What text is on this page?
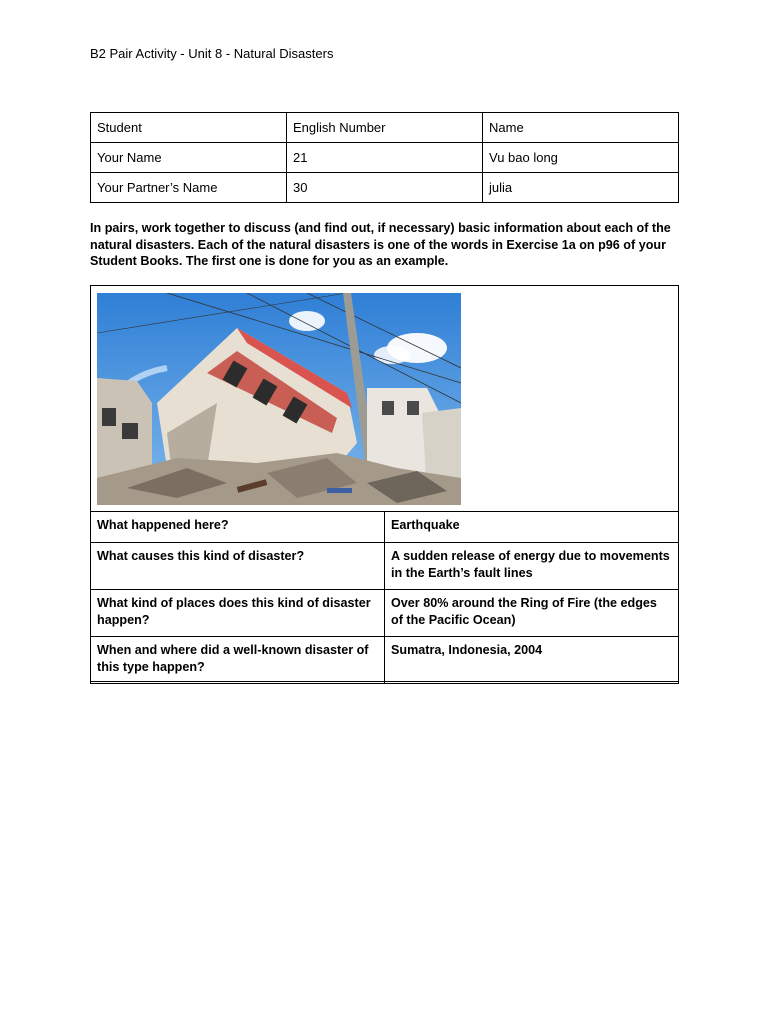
B2 Pair Activity - Unit 8 - Natural Disasters
Student	English Number	Name
Your Name	21	Vu bao long
Your Partner’s Name	30	julia
In pairs, work together to discuss (and find out, if necessary) basic information about each of the natural disasters. Each of the natural disasters is one of the words in Exercise 1a on p96 of your Student Books. The first one is done for you as an example.
What happened here?	Earthquake
What causes this kind of disaster?	A sudden release of energy due to movements in the Earth’s fault lines
What kind of places does this kind of disaster happen?	Over 80% around the Ring of Fire (the edges of the Pacific Ocean)
When and where did a well-known disaster of this type happen?	Sumatra, Indonesia, 2004
